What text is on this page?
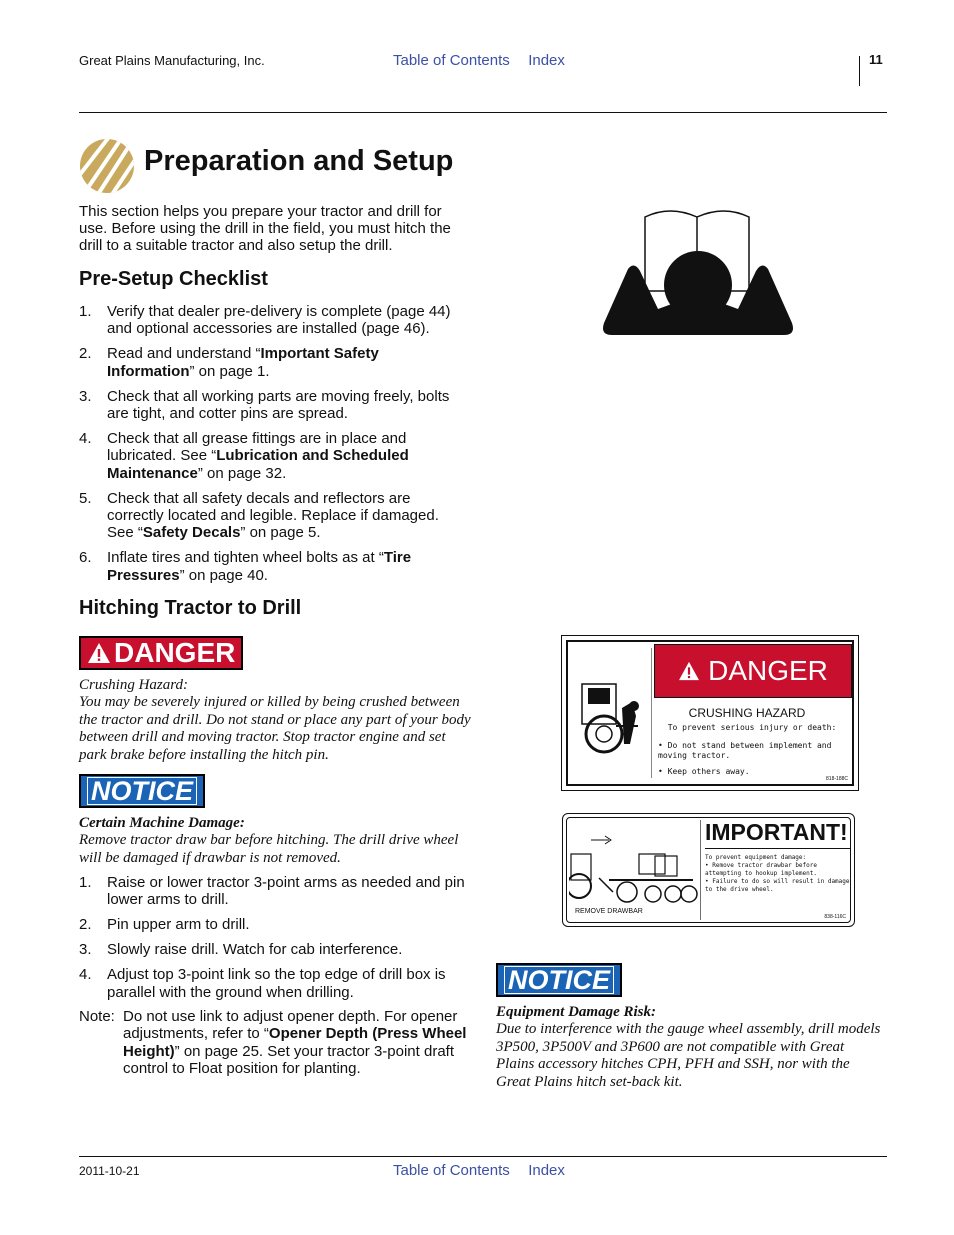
Great Plains Manufacturing, Inc.	Table of Contents Index	11
Preparation and Setup
This section helps you prepare your tractor and drill for use. Before using the drill in the field, you must hitch the drill to a suitable tractor and also setup the drill.
Pre-Setup Checklist
1. Verify that dealer pre-delivery is complete (page 44) and optional accessories are installed (page 46).
2. Read and understand “Important Safety Information” on page 1.
3. Check that all working parts are moving freely, bolts are tight, and cotter pins are spread.
4. Check that all grease fittings are in place and lubricated. See “Lubrication and Scheduled Maintenance” on page 32.
5. Check that all safety decals and reflectors are correctly located and legible. Replace if damaged. See “Safety Decals” on page 5.
6. Inflate tires and tighten wheel bolts as at “Tire Pressures” on page 40.
Hitching Tractor to Drill
DANGER
Crushing Hazard:
You may be severely injured or killed by being crushed between the tractor and drill. Do not stand or place any part of your body between drill and moving tractor. Stop tractor engine and set park brake before installing the hitch pin.
NOTICE
Certain Machine Damage:
Remove tractor draw bar before hitching. The drill drive wheel will be damaged if drawbar is not removed.
1. Raise or lower tractor 3-point arms as needed and pin lower arms to drill.
2. Pin upper arm to drill.
3. Slowly raise drill. Watch for cab interference.
4. Adjust top 3-point link so the top edge of drill box is parallel with the ground when drilling.
Note: Do not use link to adjust opener depth. For opener adjustments, refer to “Opener Depth (Press Wheel Height)” on page 25. Set your tractor 3-point draft control to Float position for planting.
DANGER
CRUSHING HAZARD
To prevent serious injury or death:
• Do not stand between implement and moving tractor.
• Keep others away.
818-188C
REMOVE DRAWBAR
IMPORTANT!
To prevent equipment damage:
• Remove tractor drawbar before attempting to hookup implement.
• Failure to do so will result in damage to the drive wheel.
838-116C
NOTICE
Equipment Damage Risk:
Due to interference with the gauge wheel assembly, drill models 3P500, 3P500V and 3P600 are not compatible with Great Plains accessory hitches CPH, PFH and SSH, nor with the Great Plains hitch set-back kit.
2011-10-21	Table of Contents Index
